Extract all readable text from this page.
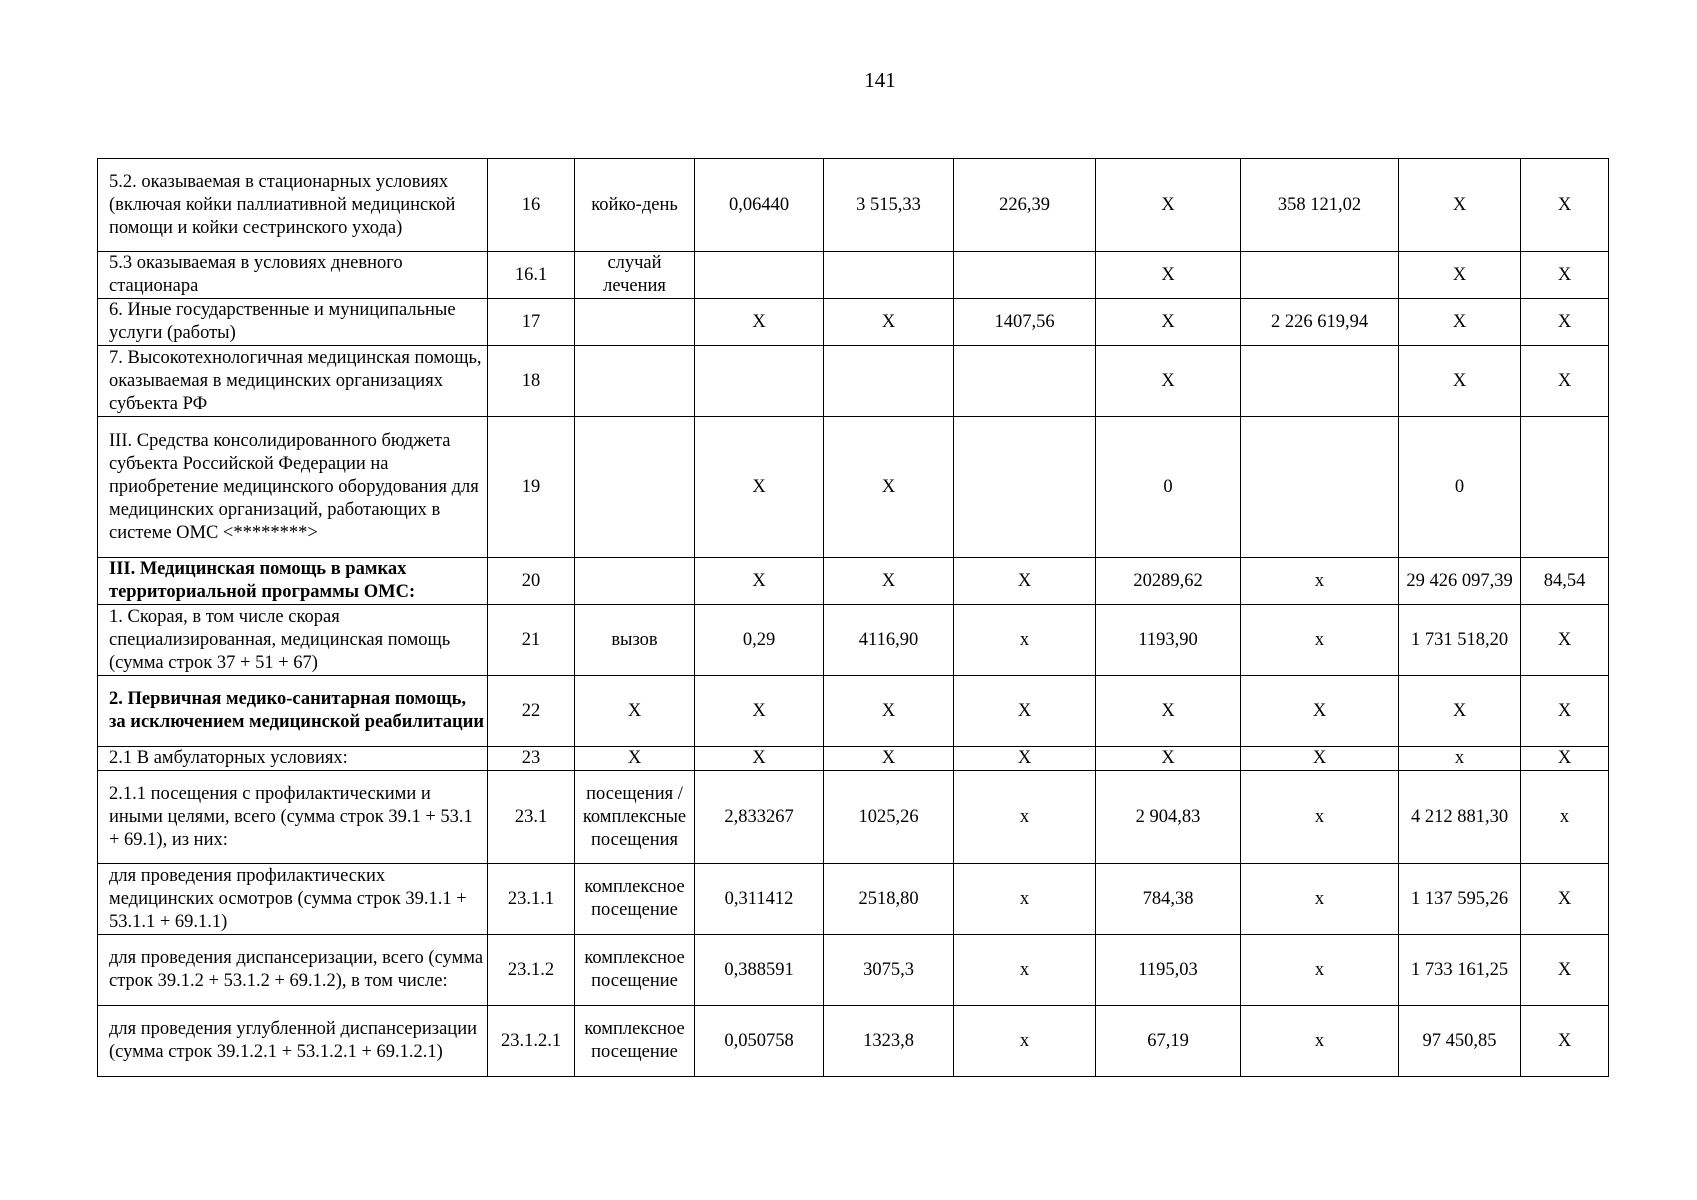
141
5.2. оказываемая в стационарных условиях (включая койки паллиативной медицинской помощи и койки сестринского ухода)	16	койко-день	0,06440	3 515,33	226,39	X	358 121,02	X	X
5.3 оказываемая в условиях дневного стационара	16.1	случай лечения				X		X	X
6. Иные государственные и муниципальные услуги (работы)	17		X	X	1407,56	X	2 226 619,94	X	X
7. Высокотехнологичная медицинская помощь, оказываемая в медицинских организациях субъекта РФ	18					X		X	X
III. Средства консолидированного бюджета субъекта Российской Федерации на приобретение медицинского оборудования для медицинских организаций, работающих в системе ОМС <********>	19		X	X		0		0	
III. Медицинская помощь в рамках территориальной программы ОМС:	20		X	X	X	20289,62	x	29 426 097,39	84,54
1. Скорая, в том числе скорая специализированная, медицинская помощь (сумма строк 37 + 51 + 67)	21	вызов	0,29	4116,90	x	1193,90	x	1 731 518,20	X
2. Первичная медико-санитарная помощь, за исключением медицинской реабилитации	22	X	X	X	X	X	X	X	X
2.1 В амбулаторных условиях:	23	X	X	X	X	X	X	x	X
2.1.1 посещения с профилактическими и иными целями, всего (сумма строк 39.1 + 53.1 + 69.1), из них:	23.1	посещения /комплексные посещения	2,833267	1025,26	x	2 904,83	x	4 212 881,30	x
для проведения профилактических медицинских осмотров (сумма строк 39.1.1 + 53.1.1 + 69.1.1)	23.1.1	комплексное посещение	0,311412	2518,80	x	784,38	x	1 137 595,26	X
для проведения диспансеризации, всего (сумма строк 39.1.2 + 53.1.2 + 69.1.2), в том числе:	23.1.2	комплексное посещение	0,388591	3075,3	x	1195,03	x	1 733 161,25	X
для проведения углубленной диспансеризации (сумма строк 39.1.2.1 + 53.1.2.1 + 69.1.2.1)	23.1.2.1	комплексное посещение	0,050758	1323,8	x	67,19	x	97 450,85	X
